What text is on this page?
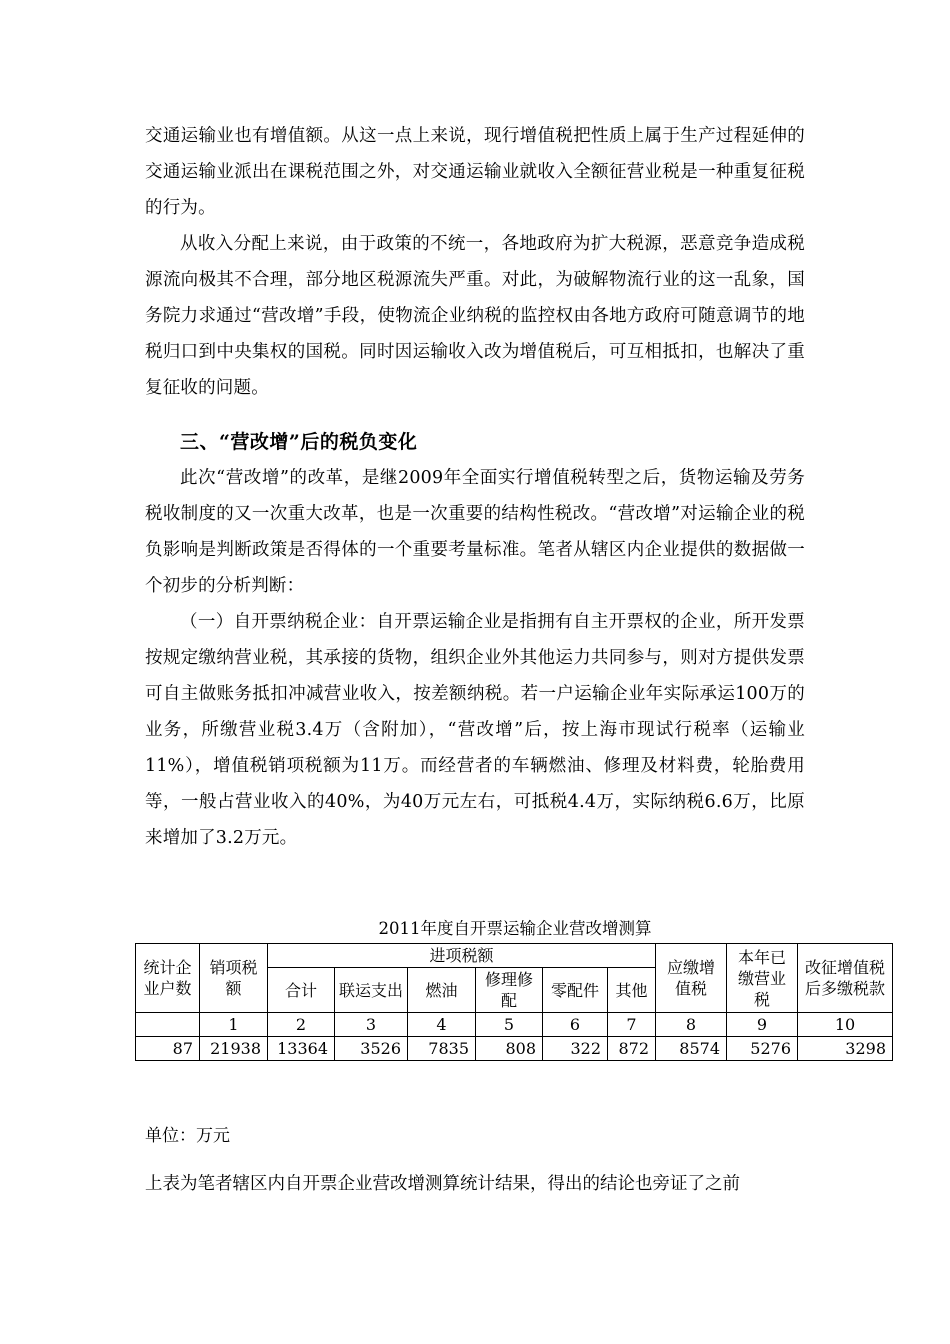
交通运输业也有增值额。从这一点上来说，现行增值税把性质上属于生产过程延伸的交通运输业派出在课税范围之外，对交通运输业就收入全额征营业税是一种重复征税的行为。

从收入分配上来说，由于政策的不统一，各地政府为扩大税源，恶意竞争造成税源流向极其不合理，部分地区税源流失严重。对此，为破解物流行业的这一乱象，国务院力求通过“营改增”手段，使物流企业纳税的监控权由各地方政府可随意调节的地税归口到中央集权的国税。同时因运输收入改为增值税后，可互相抵扣，也解决了重复征收的问题。

三、“营改增”后的税负变化

此次“营改增”的改革，是继2009年全面实行增值税转型之后，货物运输及劳务税收制度的又一次重大改革，也是一次重要的结构性税改。“营改增”对运输企业的税负影响是判断政策是否得体的一个重要考量标准。笔者从辖区内企业提供的数据做一个初步的分析判断：

（一）自开票纳税企业：自开票运输企业是指拥有自主开票权的企业，所开发票按规定缴纳营业税，其承接的货物，组织企业外其他运力共同参与，则对方提供发票可自主做账务抵扣冲减营业收入，按差额纳税。若一户运输企业年实际承运100万的业务，所缴营业税3.4万（含附加），“营改增”后，按上海市现试行税率（运输业11%），增值税销项税额为11万。而经营者的车辆燃油、修理及材料费，轮胎费用等，一般占营业收入的40%，为40万元左右，可抵税4.4万，实际纳税6.6万，比原来增加了3.2万元。

2011年度自开票运输企业营改增测算
统计企业户数	销项税额	进项税额						应缴增值税	本年已缴营业税	改征增值税后多缴税款
		合计	联运支出	燃油	修理修配	零配件	其他			
	1	2	3	4	5	6	7	8	9	10
87	21938	13364	3526	7835	808	322	872	8574	5276	3298
单位：万元
上表为笔者辖区内自开票企业营改增测算统计结果，得出的结论也旁证了之前
